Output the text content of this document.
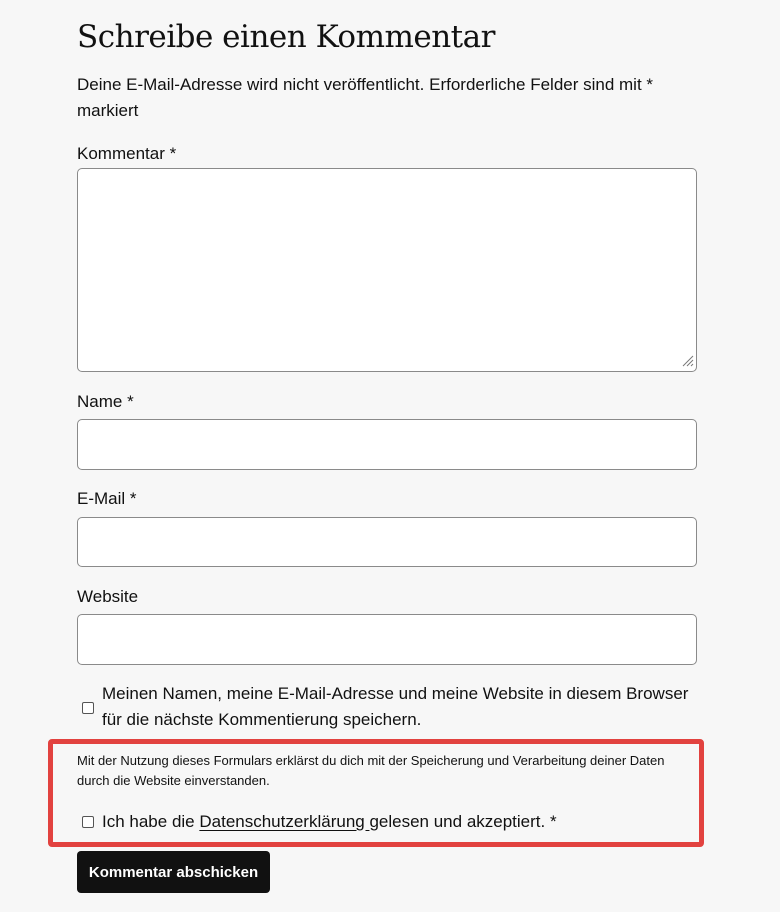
Schreibe einen Kommentar

Deine E-Mail-Adresse wird nicht veröffentlicht. Erforderliche Felder sind mit * markiert

Kommentar *
Name *
E-Mail *
Website

Meinen Namen, meine E-Mail-Adresse und meine Website in diesem Browser für die nächste Kommentierung speichern.

Mit der Nutzung dieses Formulars erklärst du dich mit der Speicherung und Verarbeitung deiner Daten durch die Website einverstanden.

Ich habe die Datenschutzerklärung gelesen und akzeptiert. *

Kommentar abschicken
